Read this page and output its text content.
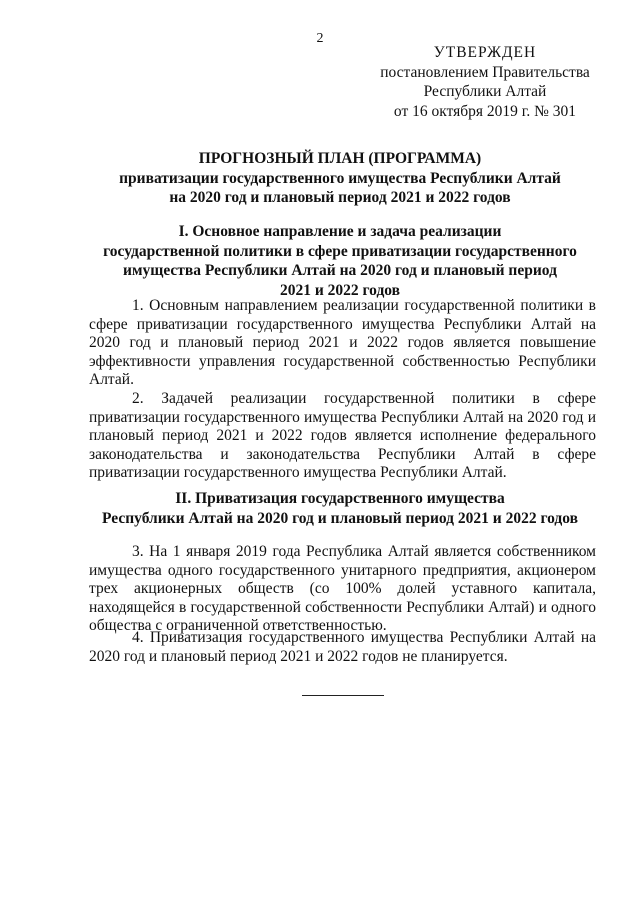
2
УТВЕРЖДЕН
постановлением Правительства
Республики Алтай
от 16 октября 2019 г. № 301
ПРОГНОЗНЫЙ ПЛАН (ПРОГРАММА)
приватизации государственного имущества Республики Алтай
на 2020 год и плановый период 2021 и 2022 годов
I. Основное направление и задача реализации
государственной политики в сфере приватизации государственного
имущества Республики Алтай на 2020 год и плановый период
2021 и 2022 годов

1. Основным направлением реализации государственной политики в сфере приватизации государственного имущества Республики Алтай на 2020 год и плановый период 2021 и 2022 годов является повышение эффективности управления государственной собственностью Республики Алтай.

2. Задачей реализации государственной политики в сфере приватизации государственного имущества Республики Алтай на 2020 год и плановый период 2021 и 2022 годов является исполнение федерального законодательства и законодательства Республики Алтай в сфере приватизации государственного имущества Республики Алтай.

II. Приватизация государственного имущества
Республики Алтай на 2020 год и плановый период 2021 и 2022 годов

3. На 1 января 2019 года Республика Алтай является собственником имущества одного государственного унитарного предприятия, акционером трех акционерных обществ (со 100% долей уставного капитала, находящейся в государственной собственности Республики Алтай) и одного общества с ограниченной ответственностью.

4. Приватизация государственного имущества Республики Алтай на 2020 год и плановый период 2021 и 2022 годов не планируется.
